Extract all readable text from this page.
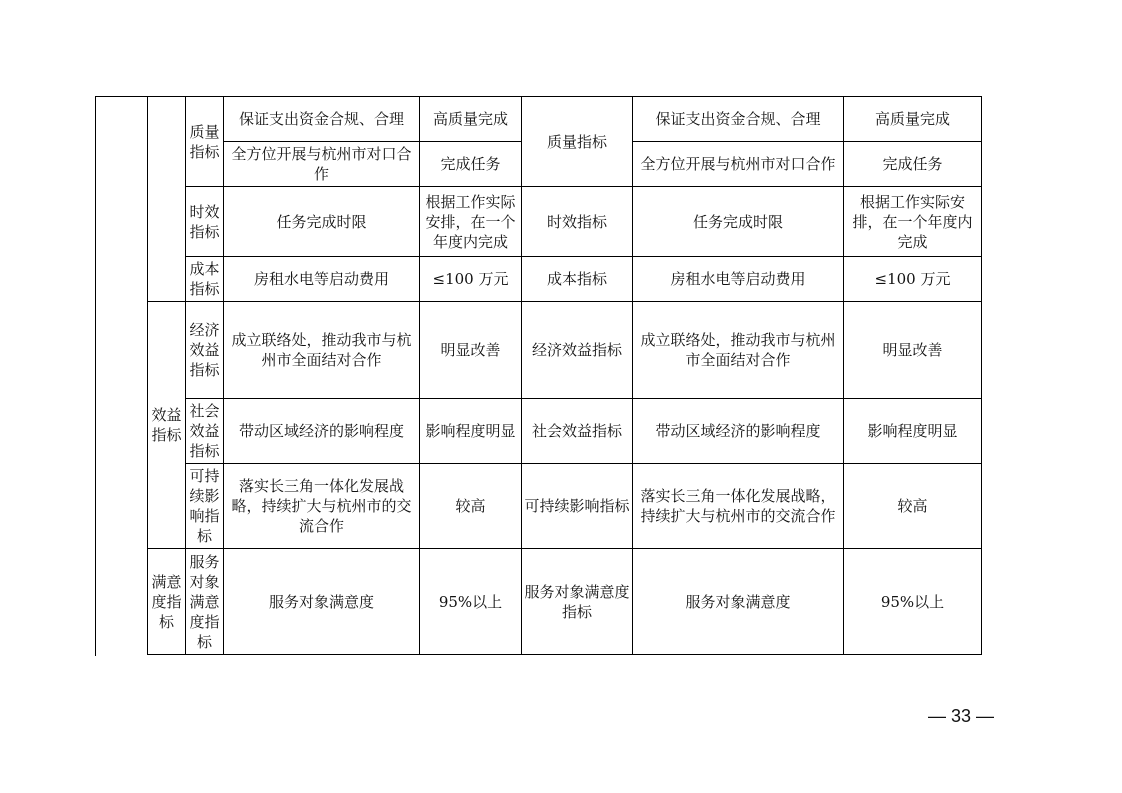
	质量指标	保证支出资金合规、合理	高质量完成	质量指标	保证支出资金合规、合理	高质量完成
		全方位开展与杭州市对口合作	完成任务		全方位开展与杭州市对口合作	完成任务
	时效指标	任务完成时限	根据工作实际安排，在一个年度内完成	时效指标	任务完成时限	根据工作实际安排，在一个年度内完成
	成本指标	房租水电等启动费用	≤100 万元	成本指标	房租水电等启动费用	≤100 万元
效益指标	经济效益指标	成立联络处，推动我市与杭州市全面结对合作	明显改善	经济效益指标	成立联络处，推动我市与杭州市全面结对合作	明显改善
	社会效益指标	带动区域经济的影响程度	影响程度明显	社会效益指标	带动区域经济的影响程度	影响程度明显
	可持续影响指标	落实长三角一体化发展战略，持续扩大与杭州市的交流合作	较高	可持续影响指标	落实长三角一体化发展战略，持续扩大与杭州市的交流合作	较高
满意度指标	服务对象满意度指标	服务对象满意度	95%以上	服务对象满意度指标	服务对象满意度	95%以上
— 33 —
